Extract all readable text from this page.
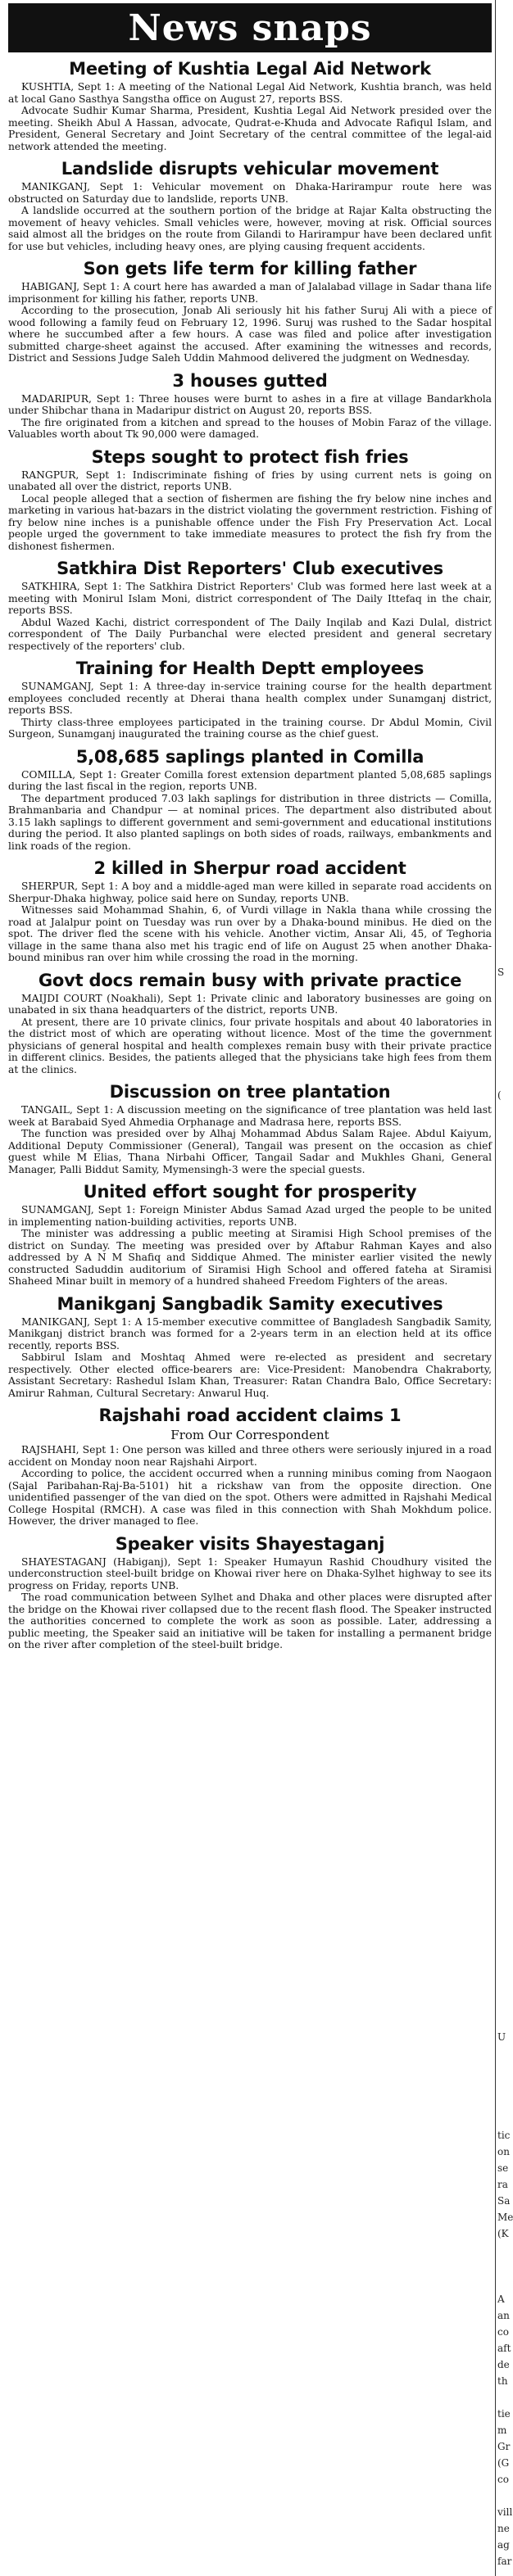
S
(
U
tic
on
se
ra
Sa
Me
(K
A
an
co
aft
de
th
tie
m
Gr
(G
co
vill
ne
ag
far
News snaps
Meeting of Kushtia Legal Aid Network

KUSHTIA, Sept 1: A meeting of the National Legal Aid Network, Kushtia branch, was held at local Gano Sasthya Sangstha office on August 27, reports BSS.

Advocate Sudhir Kumar Sharma, President, Kushtia Legal Aid Network presided over the meeting. Sheikh Abul A Hassan, advocate, Qudrat-e-Khuda and Advocate Rafiqul Islam, and President, General Secretary and Joint Secretary of the central committee of the legal-aid network attended the meeting.

Landslide disrupts vehicular movement

MANIKGANJ, Sept 1: Vehicular movement on Dhaka-Harirampur route here was obstructed on Saturday due to landslide, reports UNB.

A landslide occurred at the southern portion of the bridge at Rajar Kalta obstructing the movement of heavy vehicles. Small vehicles were, however, moving at risk. Official sources said almost all the bridges on the route from Gilandi to Harirampur have been declared unfit for use but vehicles, including heavy ones, are plying causing frequent accidents.

Son gets life term for killing father

HABIGANJ, Sept 1: A court here has awarded a man of Jalalabad village in Sadar thana life imprisonment for killing his father, reports UNB.

According to the prosecution, Jonab Ali seriously hit his father Suruj Ali with a piece of wood following a family feud on February 12, 1996. Suruj was rushed to the Sadar hospital where he succumbed after a few hours. A case was filed and police after investigation submitted charge-sheet against the accused. After examining the witnesses and records, District and Sessions Judge Saleh Uddin Mahmood delivered the judgment on Wednesday.

3 houses gutted

MADARIPUR, Sept 1: Three houses were burnt to ashes in a fire at village Bandarkhola under Shibchar thana in Madaripur district on August 20, reports BSS.

The fire originated from a kitchen and spread to the houses of Mobin Faraz of the village. Valuables worth about Tk 90,000 were damaged.

Steps sought to protect fish fries

RANGPUR, Sept 1: Indiscriminate fishing of fries by using current nets is going on unabated all over the district, reports UNB.

Local people alleged that a section of fishermen are fishing the fry below nine inches and marketing in various hat-bazars in the district violating the government restriction. Fishing of fry below nine inches is a punishable offence under the Fish Fry Preservation Act. Local people urged the government to take immediate measures to protect the fish fry from the dishonest fishermen.

Satkhira Dist Reporters' Club executives

SATKHIRA, Sept 1: The Satkhira District Reporters' Club was formed here last week at a meeting with Monirul Islam Moni, district correspondent of The Daily Ittefaq in the chair, reports BSS.

Abdul Wazed Kachi, district correspondent of The Daily Inqilab and Kazi Dulal, district correspondent of The Daily Purbanchal were elected president and general secretary respectively of the reporters' club.

Training for Health Deptt employees

SUNAMGANJ, Sept 1: A three-day in-service training course for the health department employees concluded recently at Dherai thana health complex under Sunamganj district, reports BSS.

Thirty class-three employees participated in the training course. Dr Abdul Momin, Civil Surgeon, Sunamganj inaugurated the training course as the chief guest.

5,08,685 saplings planted in Comilla

COMILLA, Sept 1: Greater Comilla forest extension department planted 5,08,685 saplings during the last fiscal in the region, reports UNB.

The department produced 7.03 lakh saplings for distribution in three districts — Comilla, Brahmanbaria and Chandpur — at nominal prices. The department also distributed about 3.15 lakh saplings to different government and semi-government and educational institutions during the period. It also planted saplings on both sides of roads, railways, embankments and link roads of the region.

2 killed in Sherpur road accident

SHERPUR, Sept 1: A boy and a middle-aged man were killed in separate road accidents on Sherpur-Dhaka highway, police said here on Sunday, reports UNB.

Witnesses said Mohammad Shahin, 6, of Vurdi village in Nakla thana while crossing the road at Jalalpur point on Tuesday was run over by a Dhaka-bound minibus. He died on the spot. The driver fled the scene with his vehicle. Another victim, Ansar Ali, 45, of Teghoria village in the same thana also met his tragic end of life on August 25 when another Dhaka-bound minibus ran over him while crossing the road in the morning.

Govt docs remain busy with private practice

MAIJDI COURT (Noakhali), Sept 1: Private clinic and laboratory businesses are going on unabated in six thana headquarters of the district, reports UNB.

At present, there are 10 private clinics, four private hospitals and about 40 laboratories in the district most of which are operating without licence. Most of the time the government physicians of general hospital and health complexes remain busy with their private practice in different clinics. Besides, the patients alleged that the physicians take high fees from them at the clinics.

Discussion on tree plantation

TANGAIL, Sept 1: A discussion meeting on the significance of tree plantation was held last week at Barabaid Syed Ahmedia Orphanage and Madrasa here, reports BSS.

The function was presided over by Alhaj Mohammad Abdus Salam Rajee. Abdul Kaiyum, Additional Deputy Commissioner (General), Tangail was present on the occasion as chief guest while M Elias, Thana Nirbahi Officer, Tangail Sadar and Mukhles Ghani, General Manager, Palli Biddut Samity, Mymensingh-3 were the special guests.

United effort sought for prosperity

SUNAMGANJ, Sept 1: Foreign Minister Abdus Samad Azad urged the people to be united in implementing nation-building activities, reports UNB.

The minister was addressing a public meeting at Siramisi High School premises of the district on Sunday. The meeting was presided over by Aftabur Rahman Kayes and also addressed by A N M Shafiq and Siddique Ahmed. The minister earlier visited the newly constructed Saduddin auditorium of Siramisi High School and offered fateha at Siramisi Shaheed Minar built in memory of a hundred shaheed Freedom Fighters of the areas.

Manikganj Sangbadik Samity executives

MANIKGANJ, Sept 1: A 15-member executive committee of Bangladesh Sangbadik Samity, Manikganj district branch was formed for a 2-years term in an election held at its office recently, reports BSS.

Sabbirul Islam and Moshtaq Ahmed were re-elected as president and secretary respectively. Other elected office-bearers are: Vice-President: Manobendra Chakraborty, Assistant Secretary: Rashedul Islam Khan, Treasurer: Ratan Chandra Balo, Office Secretary: Amirur Rahman, Cultural Secretary: Anwarul Huq.

Rajshahi road accident claims 1
From Our Correspondent

RAJSHAHI, Sept 1: One person was killed and three others were seriously injured in a road accident on Monday noon near Rajshahi Airport.

According to police, the accident occurred when a running minibus coming from Naogaon (Sajal Paribahan-Raj-Ba-5101) hit a rickshaw van from the opposite direction. One unidentified passenger of the van died on the spot. Others were admitted in Rajshahi Medical College Hospital (RMCH). A case was filed in this connection with Shah Mokhdum police. However, the driver managed to flee.

Speaker visits Shayestaganj

SHAYESTAGANJ (Habiganj), Sept 1: Speaker Humayun Rashid Choudhury visited the underconstruction steel-built bridge on Khowai river here on Dhaka-Sylhet highway to see its progress on Friday, reports UNB.

The road communication between Sylhet and Dhaka and other places were disrupted after the bridge on the Khowai river collapsed due to the recent flash flood. The Speaker instructed the authorities concerned to complete the work as soon as possible. Later, addressing a public meeting, the Speaker said an initiative will be taken for installing a permanent bridge on the river after completion of the steel-built bridge.
